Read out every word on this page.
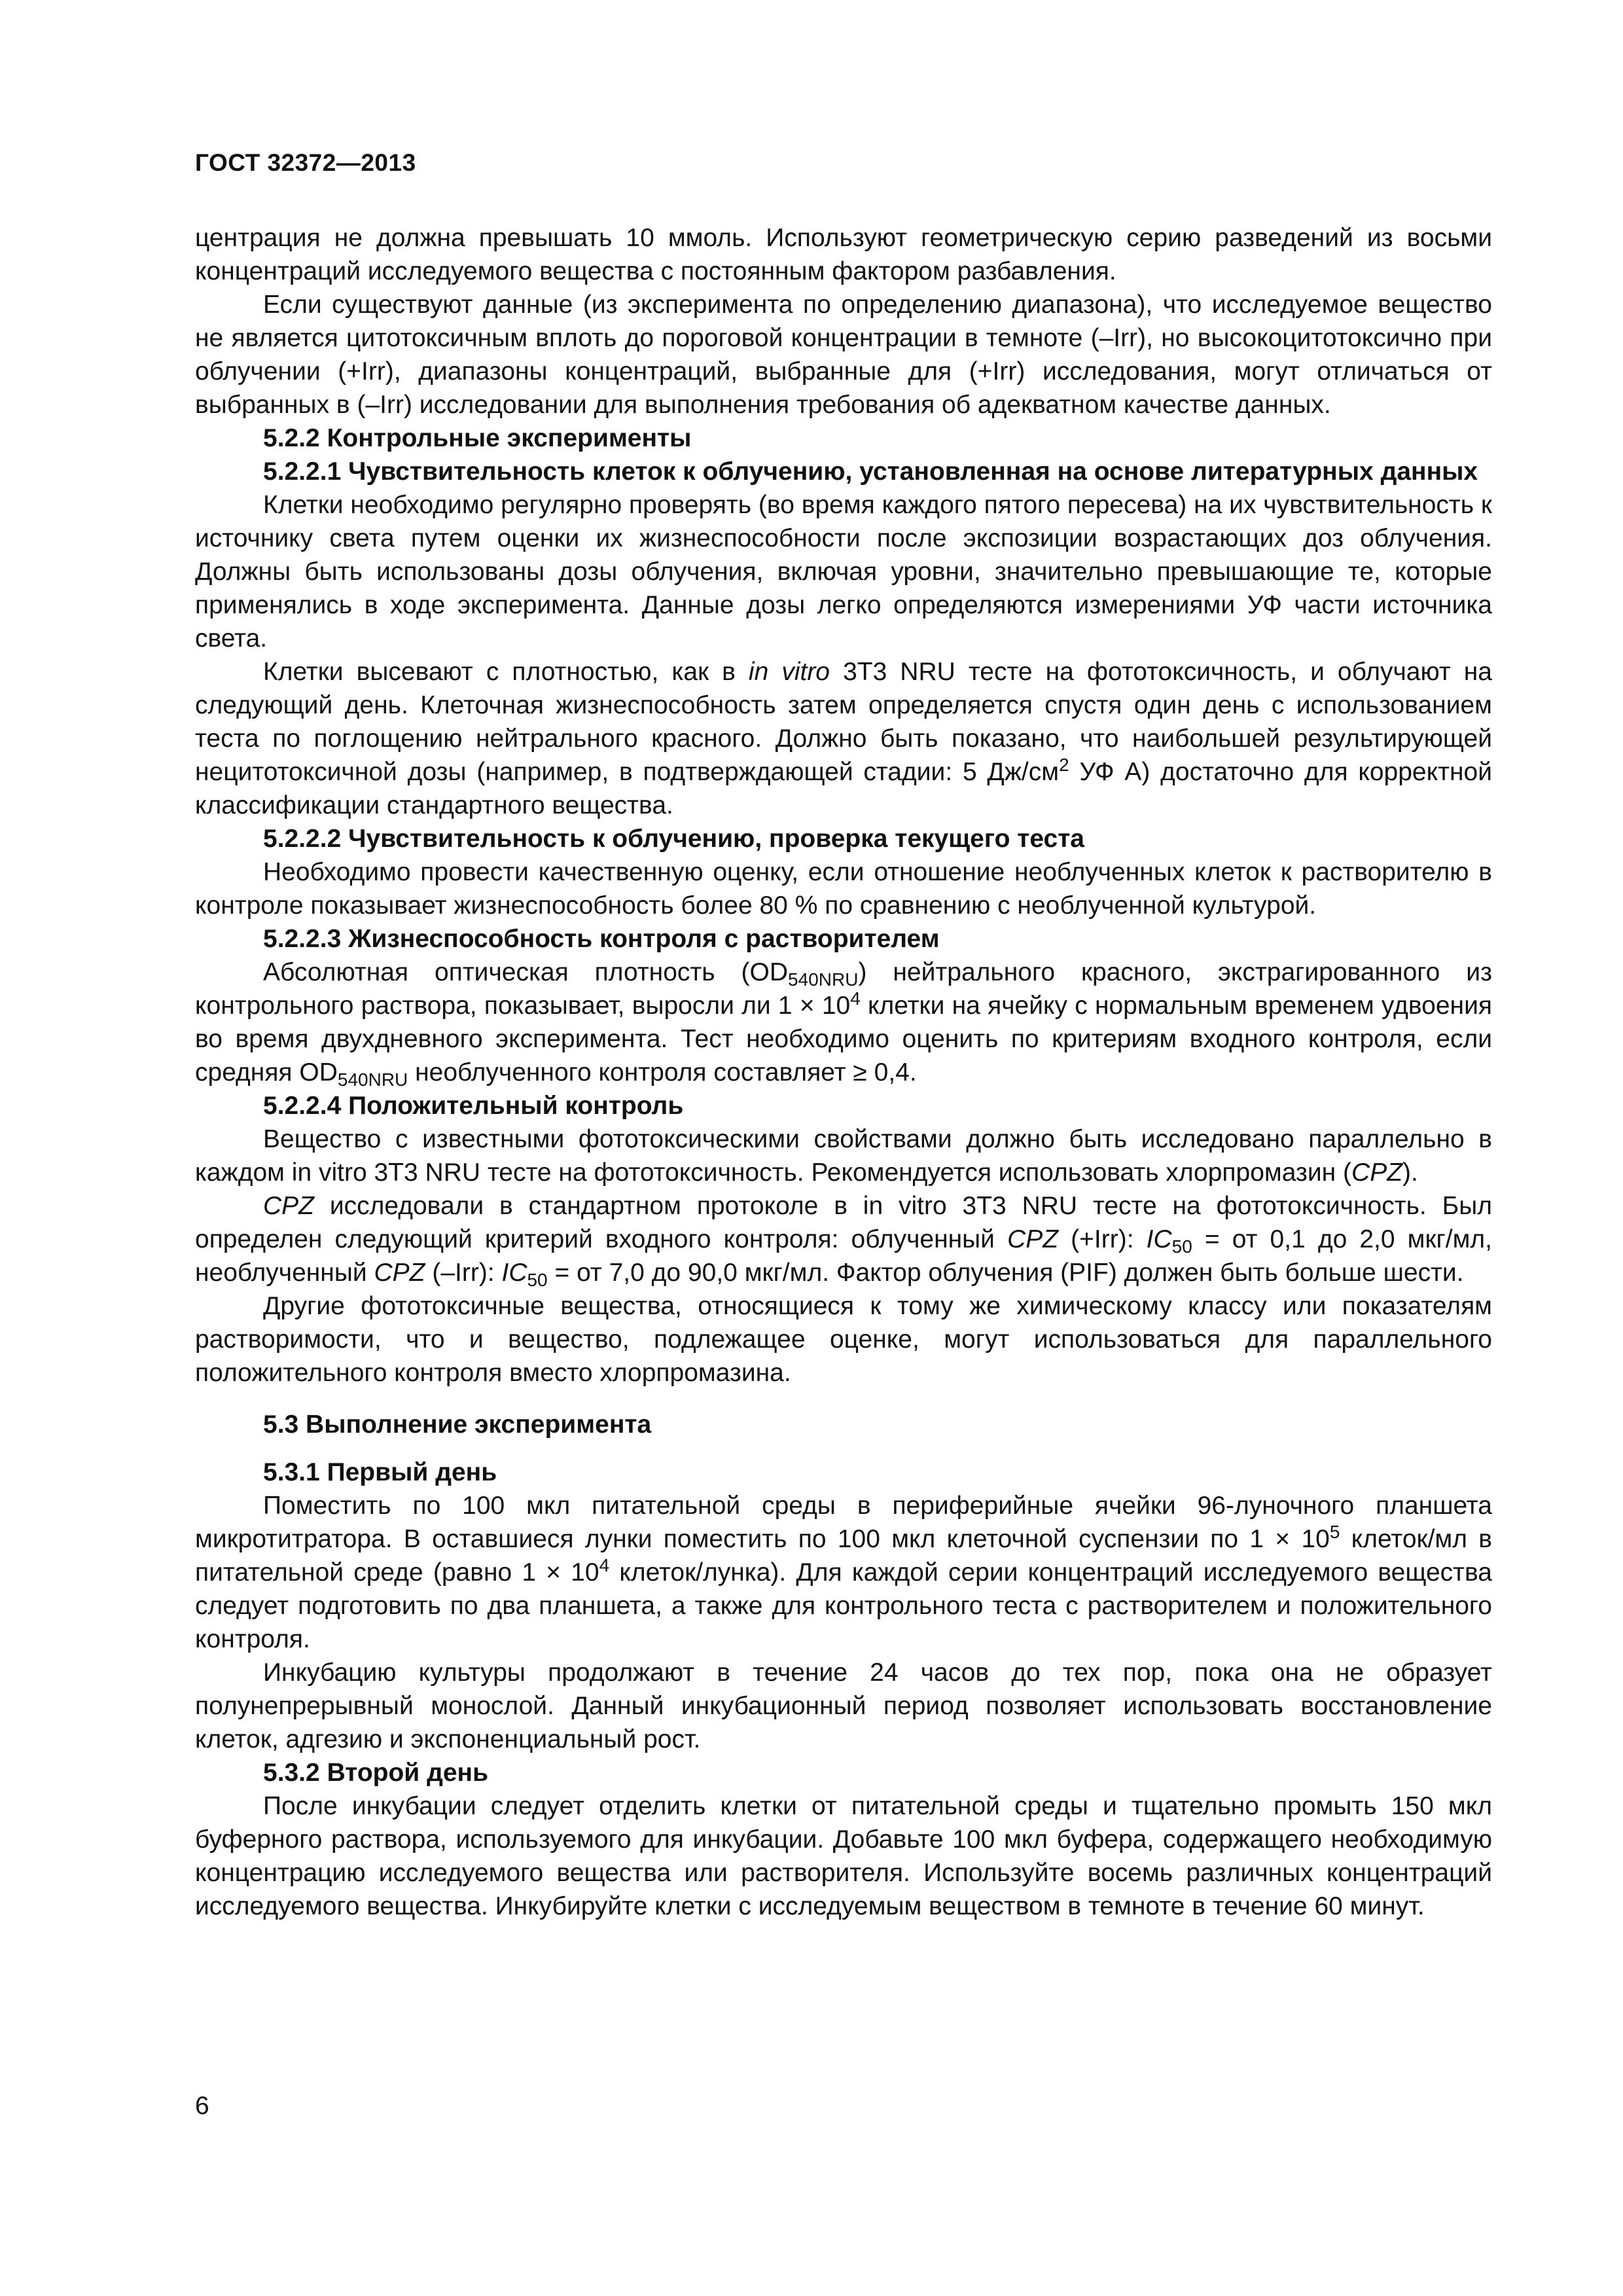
ГОСТ 32372—2013

центрация не должна превышать 10 ммоль. Используют геометрическую серию разведений из восьми концентраций исследуемого вещества с постоянным фактором разбавления.

Если существуют данные (из эксперимента по определению диапазона), что исследуемое вещество не является цитотоксичным вплоть до пороговой концентрации в темноте (–Irr), но высокоцитотоксично при облучении (+Irr), диапазоны концентраций, выбранные для (+Irr) исследования, могут отличаться от выбранных в (–Irr) исследовании для выполнения требования об адекватном качестве данных.

5.2.2 Контрольные эксперименты
5.2.2.1 Чувствительность клеток к облучению, установленная на основе литературных данных

Клетки необходимо регулярно проверять (во время каждого пятого пересева) на их чувствительность к источнику света путем оценки их жизнеспособности после экспозиции возрастающих доз облучения. Должны быть использованы дозы облучения, включая уровни, значительно превышающие те, которые применялись в ходе эксперимента. Данные дозы легко определяются измерениями УФ части источника света.

Клетки высевают с плотностью, как в in vitro 3T3 NRU тесте на фототоксичность, и облучают на следующий день. Клеточная жизнеспособность затем определяется спустя один день с использованием теста по поглощению нейтрального красного. Должно быть показано, что наибольшей результирующей нецитотоксичной дозы (например, в подтверждающей стадии: 5 $Дж/см^2$ УФ А) достаточно для корректной классификации стандартного вещества.

5.2.2.2 Чувствительность к облучению, проверка текущего теста

Необходимо провести качественную оценку, если отношение необлученных клеток к растворителю в контроле показывает жизнеспособность более 80 % по сравнению с необлученной культурой.

5.2.2.3 Жизнеспособность контроля с растворителем

Абсолютная оптическая плотность $(OD_{540NRU})$ нейтрального красного, экстрагированного из контрольного раствора, показывает, выросли ли $1 \times 10^4$ клетки на ячейку с нормальным временем удвоения во время двухдневного эксперимента. Тест необходимо оценить по критериям входного контроля, если средняя $OD_{540NRU}$ необлученного контроля составляет ≥ 0,4.

5.2.2.4 Положительный контроль

Вещество с известными фототоксическими свойствами должно быть исследовано параллельно в каждом in vitro 3T3 NRU тесте на фототоксичность. Рекомендуется использовать хлорпромазин (CPZ).

CPZ исследовали в стандартном протоколе в in vitro 3T3 NRU тесте на фототоксичность. Был определен следующий критерий входного контроля: облученный CPZ (+Irr): $IC_{50}$ = от 0,1 до 2,0 мкг/мл, необлученный CPZ (–Irr): $IC_{50}$ = от 7,0 до 90,0 мкг/мл. Фактор облучения (PIF) должен быть больше шести.

Другие фототоксичные вещества, относящиеся к тому же химическому классу или показателям растворимости, что и вещество, подлежащее оценке, могут использоваться для параллельного положительного контроля вместо хлорпромазина.

5.3 Выполнение эксперимента
5.3.1 Первый день

Поместить по 100 мкл питательной среды в периферийные ячейки 96-луночного планшета микротитратора. В оставшиеся лунки поместить по 100 мкл клеточной суспензии по $1 \times 10^5$ клеток/мл в питательной среде (равно $1 \times 10^4$ клеток/лунка). Для каждой серии концентраций исследуемого вещества следует подготовить по два планшета, а также для контрольного теста с растворителем и положительного контроля.

Инкубацию культуры продолжают в течение 24 часов до тех пор, пока она не образует полунепрерывный монослой. Данный инкубационный период позволяет использовать восстановление клеток, адгезию и экспоненциальный рост.

5.3.2 Второй день

После инкубации следует отделить клетки от питательной среды и тщательно промыть 150 мкл буферного раствора, используемого для инкубации. Добавьте 100 мкл буфера, содержащего необходимую концентрацию исследуемого вещества или растворителя. Используйте восемь различных концентраций исследуемого вещества. Инкубируйте клетки с исследуемым веществом в темноте в течение 60 минут.

6
